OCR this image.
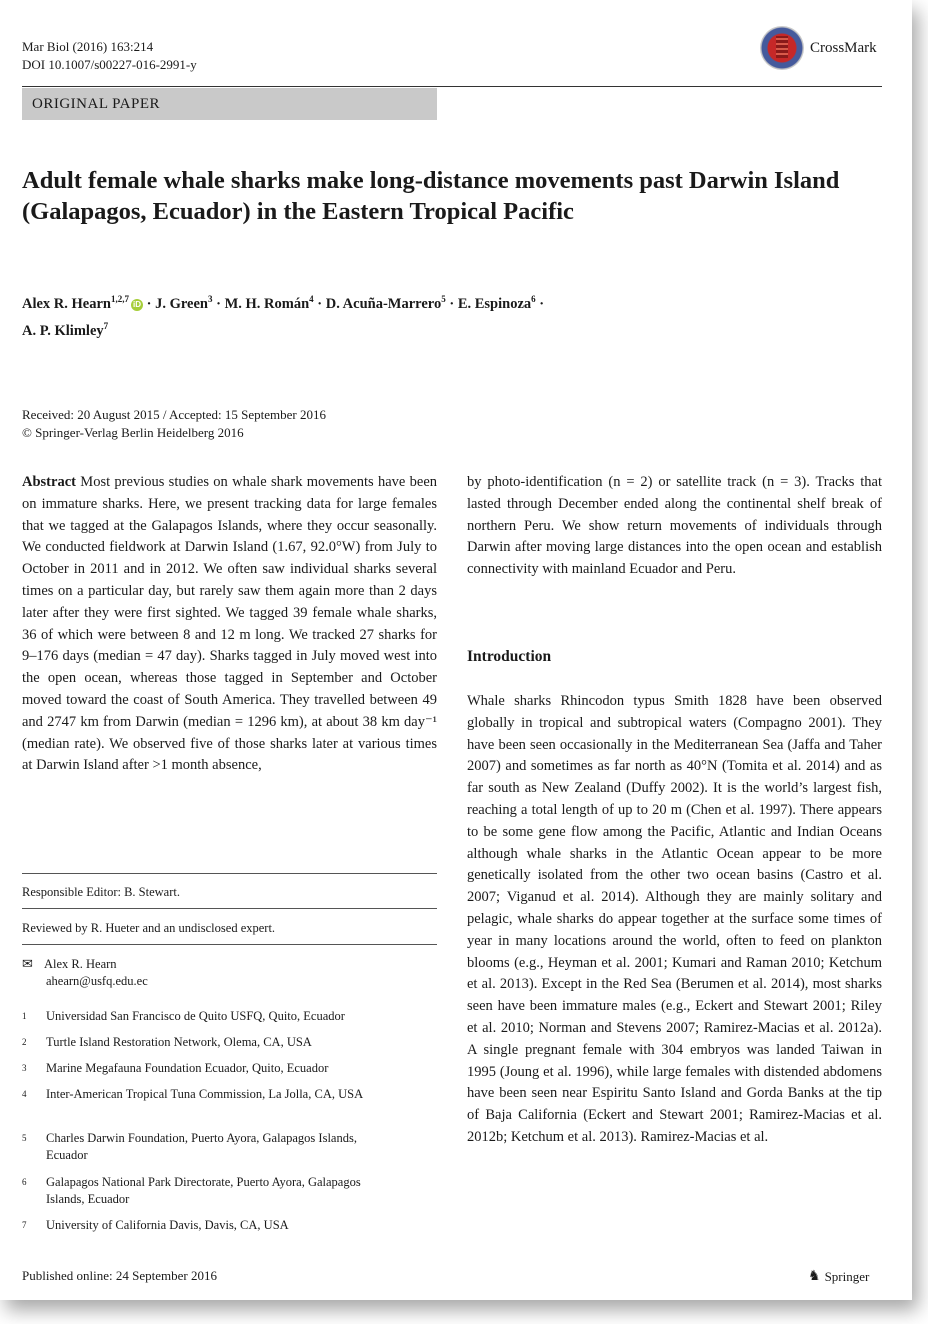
Mar Biol (2016) 163:214
DOI 10.1007/s00227-016-2991-y
CrossMark
ORIGINAL PAPER
Adult female whale sharks make long-distance movements past Darwin Island (Galapagos, Ecuador) in the Eastern Tropical Pacific
Alex R. Hearn$^{1,2,7}$iD · J. Green$^3$ · M. H. Román$^4$ · D. Acuña-Marrero$^5$ · E. Espinoza$^6$ ·
A. P. Klimley$^7$
Received: 20 August 2015 / Accepted: 15 September 2016
© Springer-Verlag Berlin Heidelberg 2016

Abstract Most previous studies on whale shark movements have been on immature sharks. Here, we present tracking data for large females that we tagged at the Galapagos Islands, where they occur seasonally. We conducted fieldwork at Darwin Island (1.67, 92.0°W) from July to October in 2011 and in 2012. We often saw individual sharks several times on a particular day, but rarely saw them again more than 2 days later after they were first sighted. We tagged 39 female whale sharks, 36 of which were between 8 and 12 m long. We tracked 27 sharks for 9–176 days (median = 47 day). Sharks tagged in July moved west into the open ocean, whereas those tagged in September and October moved toward the coast of South America. They travelled between 49 and 2747 km from Darwin (median = 1296 km), at about 38 km day⁻¹ (median rate). We observed five of those sharks later at various times at Darwin Island after >1 month absence,

by photo-identification (n = 2) or satellite track (n = 3). Tracks that lasted through December ended along the continental shelf break of northern Peru. We show return movements of individuals through Darwin after moving large distances into the open ocean and establish connectivity with mainland Ecuador and Peru.

Introduction

Whale sharks Rhincodon typus Smith 1828 have been observed globally in tropical and subtropical waters (Compagno 2001). They have been seen occasionally in the Mediterranean Sea (Jaffa and Taher 2007) and sometimes as far north as 40°N (Tomita et al. 2014) and as far south as New Zealand (Duffy 2002). It is the world’s largest fish, reaching a total length of up to 20 m (Chen et al. 1997). There appears to be some gene flow among the Pacific, Atlantic and Indian Oceans although whale sharks in the Atlantic Ocean appear to be more genetically isolated from the other two ocean basins (Castro et al. 2007; Viganud et al. 2014). Although they are mainly solitary and pelagic, whale sharks do appear together at the surface some times of year in many locations around the world, often to feed on plankton blooms (e.g., Heyman et al. 2001; Kumari and Raman 2010; Ketchum et al. 2013). Except in the Red Sea (Berumen et al. 2014), most sharks seen have been immature males (e.g., Eckert and Stewart 2001; Riley et al. 2010; Norman and Stevens 2007; Ramirez-Macias et al. 2012a). A single pregnant female with 304 embryos was landed Taiwan in 1995 (Joung et al. 1996), while large females with distended abdomens have been seen near Espiritu Santo Island and Gorda Banks at the tip of Baja California (Eckert and Stewart 2001; Ramirez-Macias et al. 2012b; Ketchum et al. 2013). Ramirez-Macias et al.

Responsible Editor: B. Stewart.
Reviewed by R. Hueter and an undisclosed expert.
✉ Alex R. Hearn
ahearn@usfq.edu.ec
1	Universidad San Francisco de Quito USFQ, Quito, Ecuador
2	Turtle Island Restoration Network, Olema, CA, USA
3	Marine Megafauna Foundation Ecuador, Quito, Ecuador
4	Inter-American Tropical Tuna Commission, La Jolla, CA, USA
5	Charles Darwin Foundation, Puerto Ayora, Galapagos Islands, Ecuador
6	Galapagos National Park Directorate, Puerto Ayora, Galapagos Islands, Ecuador
7	University of California Davis, Davis, CA, USA
Published online: 24 September 2016	♞ Springer
